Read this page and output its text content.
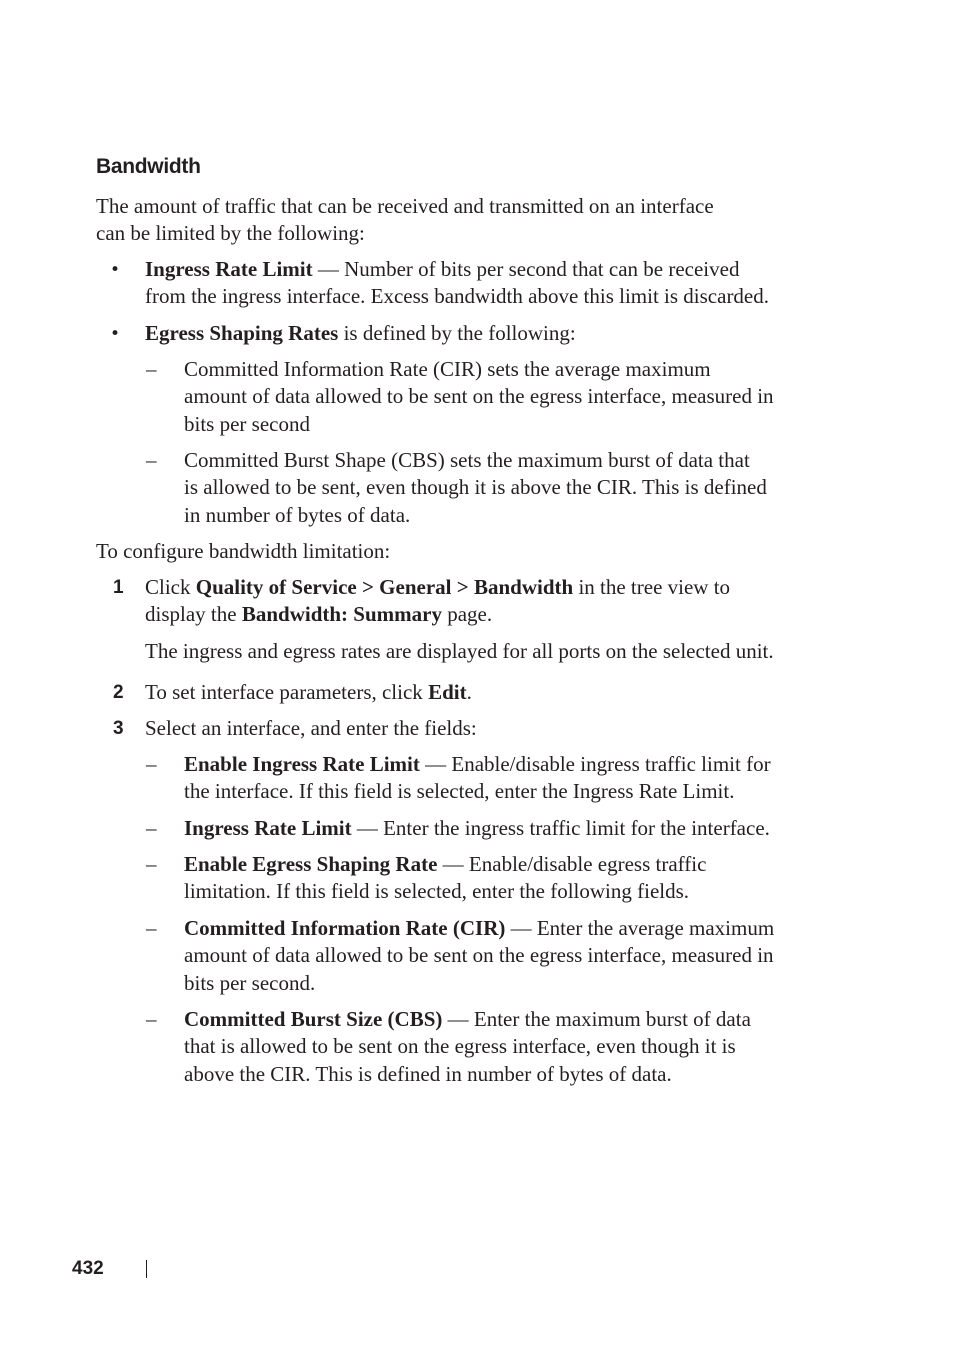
Bandwidth

The amount of traffic that can be received and transmitted on an interface
can be limited by the following:

•	Ingress Rate Limit — Number of bits per second that can be received
from the ingress interface. Excess bandwidth above this limit is discarded.

•	Egress Shaping Rates is defined by the following:

–	Committed Information Rate (CIR) sets the average maximum
amount of data allowed to be sent on the egress interface, measured in
bits per second

–	Committed Burst Shape (CBS) sets the maximum burst of data that
is allowed to be sent, even though it is above the CIR. This is defined
in number of bytes of data.

To configure bandwidth limitation:

1	Click Quality of Service > General > Bandwidth in the tree view to
display the Bandwidth: Summary page.

The ingress and egress rates are displayed for all ports on the selected unit.

2	To set interface parameters, click Edit.

3	Select an interface, and enter the fields:

–	Enable Ingress Rate Limit — Enable/disable ingress traffic limit for
the interface. If this field is selected, enter the Ingress Rate Limit.

–	Ingress Rate Limit — Enter the ingress traffic limit for the interface.

–	Enable Egress Shaping Rate — Enable/disable egress traffic
limitation. If this field is selected, enter the following fields.

–	Committed Information Rate (CIR) — Enter the average maximum
amount of data allowed to be sent on the egress interface, measured in
bits per second.

–	Committed Burst Size (CBS) — Enter the maximum burst of data
that is allowed to be sent on the egress interface, even though it is
above the CIR. This is defined in number of bytes of data.

432
